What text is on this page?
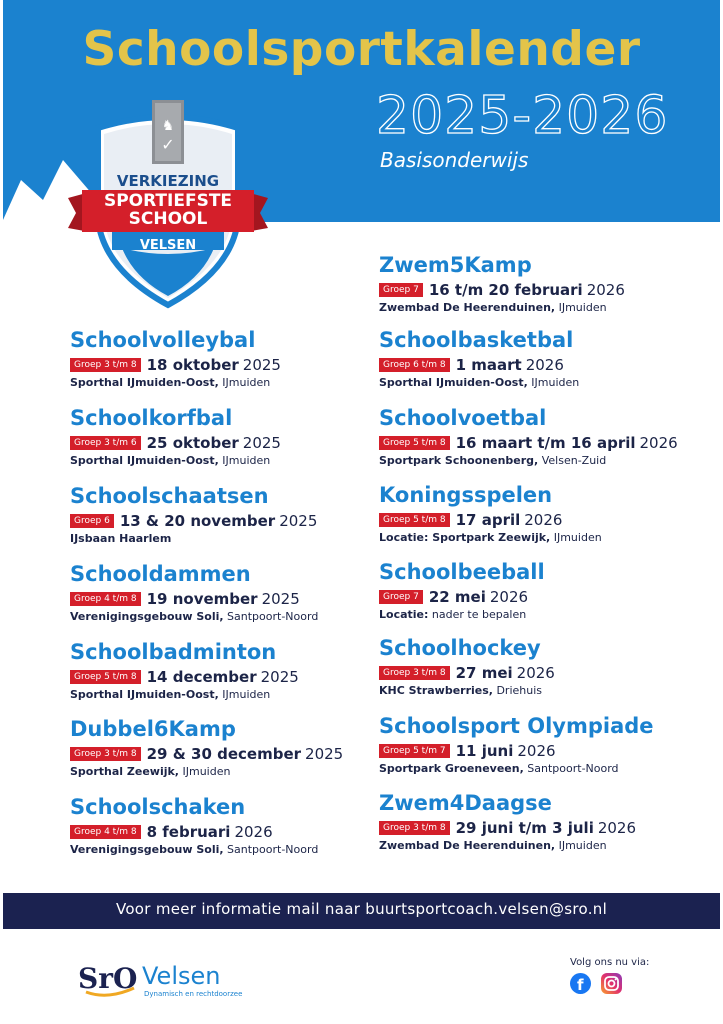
Schoolsportkalender
2025-2026
Basisonderwijs
♞
✓
VERKIEZING
SPORTIEFSTE
SCHOOL
VELSEN
Schoolvolleybal
Groep 3 t/m 8 18 oktober 2025
Sporthal IJmuiden-Oost, IJmuiden
Schoolkorfbal
Groep 3 t/m 6 25 oktober 2025
Sporthal IJmuiden-Oost, IJmuiden
Schoolschaatsen
Groep 6 13 & 20 november 2025
IJsbaan Haarlem
Schooldammen
Groep 4 t/m 8 19 november 2025
Verenigingsgebouw Soli, Santpoort-Noord
Schoolbadminton
Groep 5 t/m 8 14 december 2025
Sporthal IJmuiden-Oost, IJmuiden
Dubbel6Kamp
Groep 3 t/m 8 29 & 30 december 2025
Sporthal Zeewijk, IJmuiden
Schoolschaken
Groep 4 t/m 8 8 februari 2026
Verenigingsgebouw Soli, Santpoort-Noord
Zwem5Kamp
Groep 7 16 t/m 20 februari 2026
Zwembad De Heerenduinen, IJmuiden
Schoolbasketbal
Groep 6 t/m 8 1 maart 2026
Sporthal IJmuiden-Oost, IJmuiden
Schoolvoetbal
Groep 5 t/m 8 16 maart t/m 16 april 2026
Sportpark Schoonenberg, Velsen-Zuid
Koningsspelen
Groep 5 t/m 8 17 april 2026
Locatie: Sportpark Zeewijk, IJmuiden
Schoolbeeball
Groep 7 22 mei 2026
Locatie: nader te bepalen
Schoolhockey
Groep 3 t/m 8 27 mei 2026
KHC Strawberries, Driehuis
Schoolsport Olympiade
Groep 5 t/m 7 11 juni 2026
Sportpark Groeneveen, Santpoort-Noord
Zwem4Daagse
Groep 3 t/m 8 29 juni t/m 3 juli 2026
Zwembad De Heerenduinen, IJmuiden
Voor meer informatie mail naar buurtsportcoach.velsen@sro.nl
SrO Velsen
Dynamisch en rechtdoorzee
Volg ons nu via:
f
